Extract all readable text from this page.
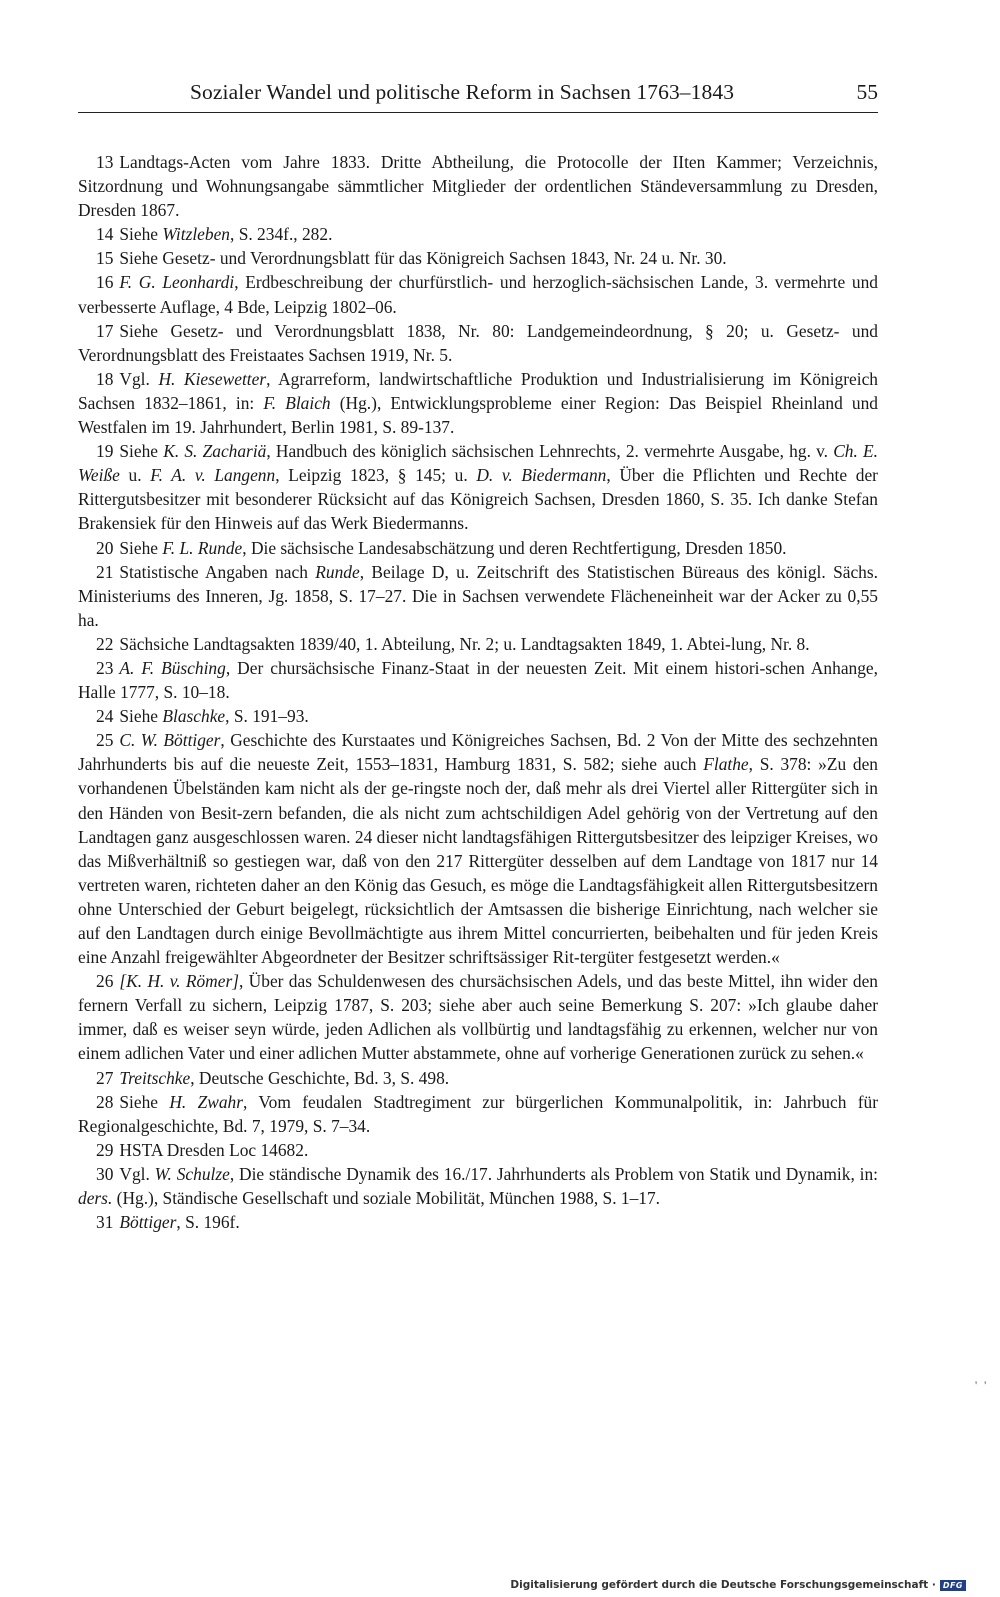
Sozialer Wandel und politische Reform in Sachsen 1763–1843	55

13 Landtags-Acten vom Jahre 1833. Dritte Abtheilung, die Protocolle der IIten Kammer; Verzeichnis, Sitzordnung und Wohnungsangabe sämmtlicher Mitglieder der ordentlichen Ständeversammlung zu Dresden, Dresden 1867.

14 Siehe Witzleben, S. 234f., 282.

15 Siehe Gesetz- und Verordnungsblatt für das Königreich Sachsen 1843, Nr. 24 u. Nr. 30.

16 F. G. Leonhardi, Erdbeschreibung der churfürstlich- und herzoglich-sächsischen Lande, 3. vermehrte und verbesserte Auflage, 4 Bde, Leipzig 1802–06.

17 Siehe Gesetz- und Verordnungsblatt 1838, Nr. 80: Landgemeindeordnung, § 20; u. Gesetz- und Verordnungsblatt des Freistaates Sachsen 1919, Nr. 5.

18 Vgl. H. Kiesewetter, Agrarreform, landwirtschaftliche Produktion und Industrialisierung im Königreich Sachsen 1832–1861, in: F. Blaich (Hg.), Entwicklungsprobleme einer Region: Das Beispiel Rheinland und Westfalen im 19. Jahrhundert, Berlin 1981, S. 89-137.

19 Siehe K. S. Zachariä, Handbuch des königlich sächsischen Lehnrechts, 2. vermehrte Ausgabe, hg. v. Ch. E. Weiße u. F. A. v. Langenn, Leipzig 1823, § 145; u. D. v. Biedermann, Über die Pflichten und Rechte der Rittergutsbesitzer mit besonderer Rücksicht auf das Königreich Sachsen, Dresden 1860, S. 35. Ich danke Stefan Brakensiek für den Hinweis auf das Werk Biedermanns.

20 Siehe F. L. Runde, Die sächsische Landesabschätzung und deren Rechtfertigung, Dresden 1850.

21 Statistische Angaben nach Runde, Beilage D, u. Zeitschrift des Statistischen Büreaus des königl. Sächs. Ministeriums des Inneren, Jg. 1858, S. 17–27. Die in Sachsen verwendete Flächeneinheit war der Acker zu 0,55 ha.

22 Sächsiche Landtagsakten 1839/40, 1. Abteilung, Nr. 2; u. Landtagsakten 1849, 1. Abtei-lung, Nr. 8.

23 A. F. Büsching, Der chursächsische Finanz-Staat in der neuesten Zeit. Mit einem histori-schen Anhange, Halle 1777, S. 10–18.

24 Siehe Blaschke, S. 191–93.

25 C. W. Böttiger, Geschichte des Kurstaates und Königreiches Sachsen, Bd. 2 Von der Mitte des sechzehnten Jahrhunderts bis auf die neueste Zeit, 1553–1831, Hamburg 1831, S. 582; siehe auch Flathe, S. 378: »Zu den vorhandenen Übelständen kam nicht als der ge-ringste noch der, daß mehr als drei Viertel aller Rittergüter sich in den Händen von Besit-zern befanden, die als nicht zum achtschildigen Adel gehörig von der Vertretung auf den Landtagen ganz ausgeschlossen waren. 24 dieser nicht landtagsfähigen Rittergutsbesitzer des leipziger Kreises, wo das Mißverhältniß so gestiegen war, daß von den 217 Rittergüter desselben auf dem Landtage von 1817 nur 14 vertreten waren, richteten daher an den König das Gesuch, es möge die Landtagsfähigkeit allen Rittergutsbesitzern ohne Unterschied der Geburt beigelegt, rücksichtlich der Amtsassen die bisherige Einrichtung, nach welcher sie auf den Landtagen durch einige Bevollmächtigte aus ihrem Mittel concurrierten, beibehalten und für jeden Kreis eine Anzahl freigewählter Abgeordneter der Besitzer schriftsässiger Rit-tergüter festgesetzt werden.«

26 [K. H. v. Römer], Über das Schuldenwesen des chursächsischen Adels, und das beste Mittel, ihn wider den fernern Verfall zu sichern, Leipzig 1787, S. 203; siehe aber auch seine Bemerkung S. 207: »Ich glaube daher immer, daß es weiser seyn würde, jeden Adlichen als vollbürtig und landtagsfähig zu erkennen, welcher nur von einem adlichen Vater und einer adlichen Mutter abstammete, ohne auf vorherige Generationen zurück zu sehen.«

27 Treitschke, Deutsche Geschichte, Bd. 3, S. 498.

28 Siehe H. Zwahr, Vom feudalen Stadtregiment zur bürgerlichen Kommunalpolitik, in: Jahrbuch für Regionalgeschichte, Bd. 7, 1979, S. 7–34.

29 HSTA Dresden Loc 14682.

30 Vgl. W. Schulze, Die ständische Dynamik des 16./17. Jahrhunderts als Problem von Statik und Dynamik, in: ders. (Hg.), Ständische Gesellschaft und soziale Mobilität, München 1988, S. 1–17.

31 Böttiger, S. 196f.

' '
Digitalisierung gefördert durch die Deutsche Forschungsgemeinschaft · DFG
